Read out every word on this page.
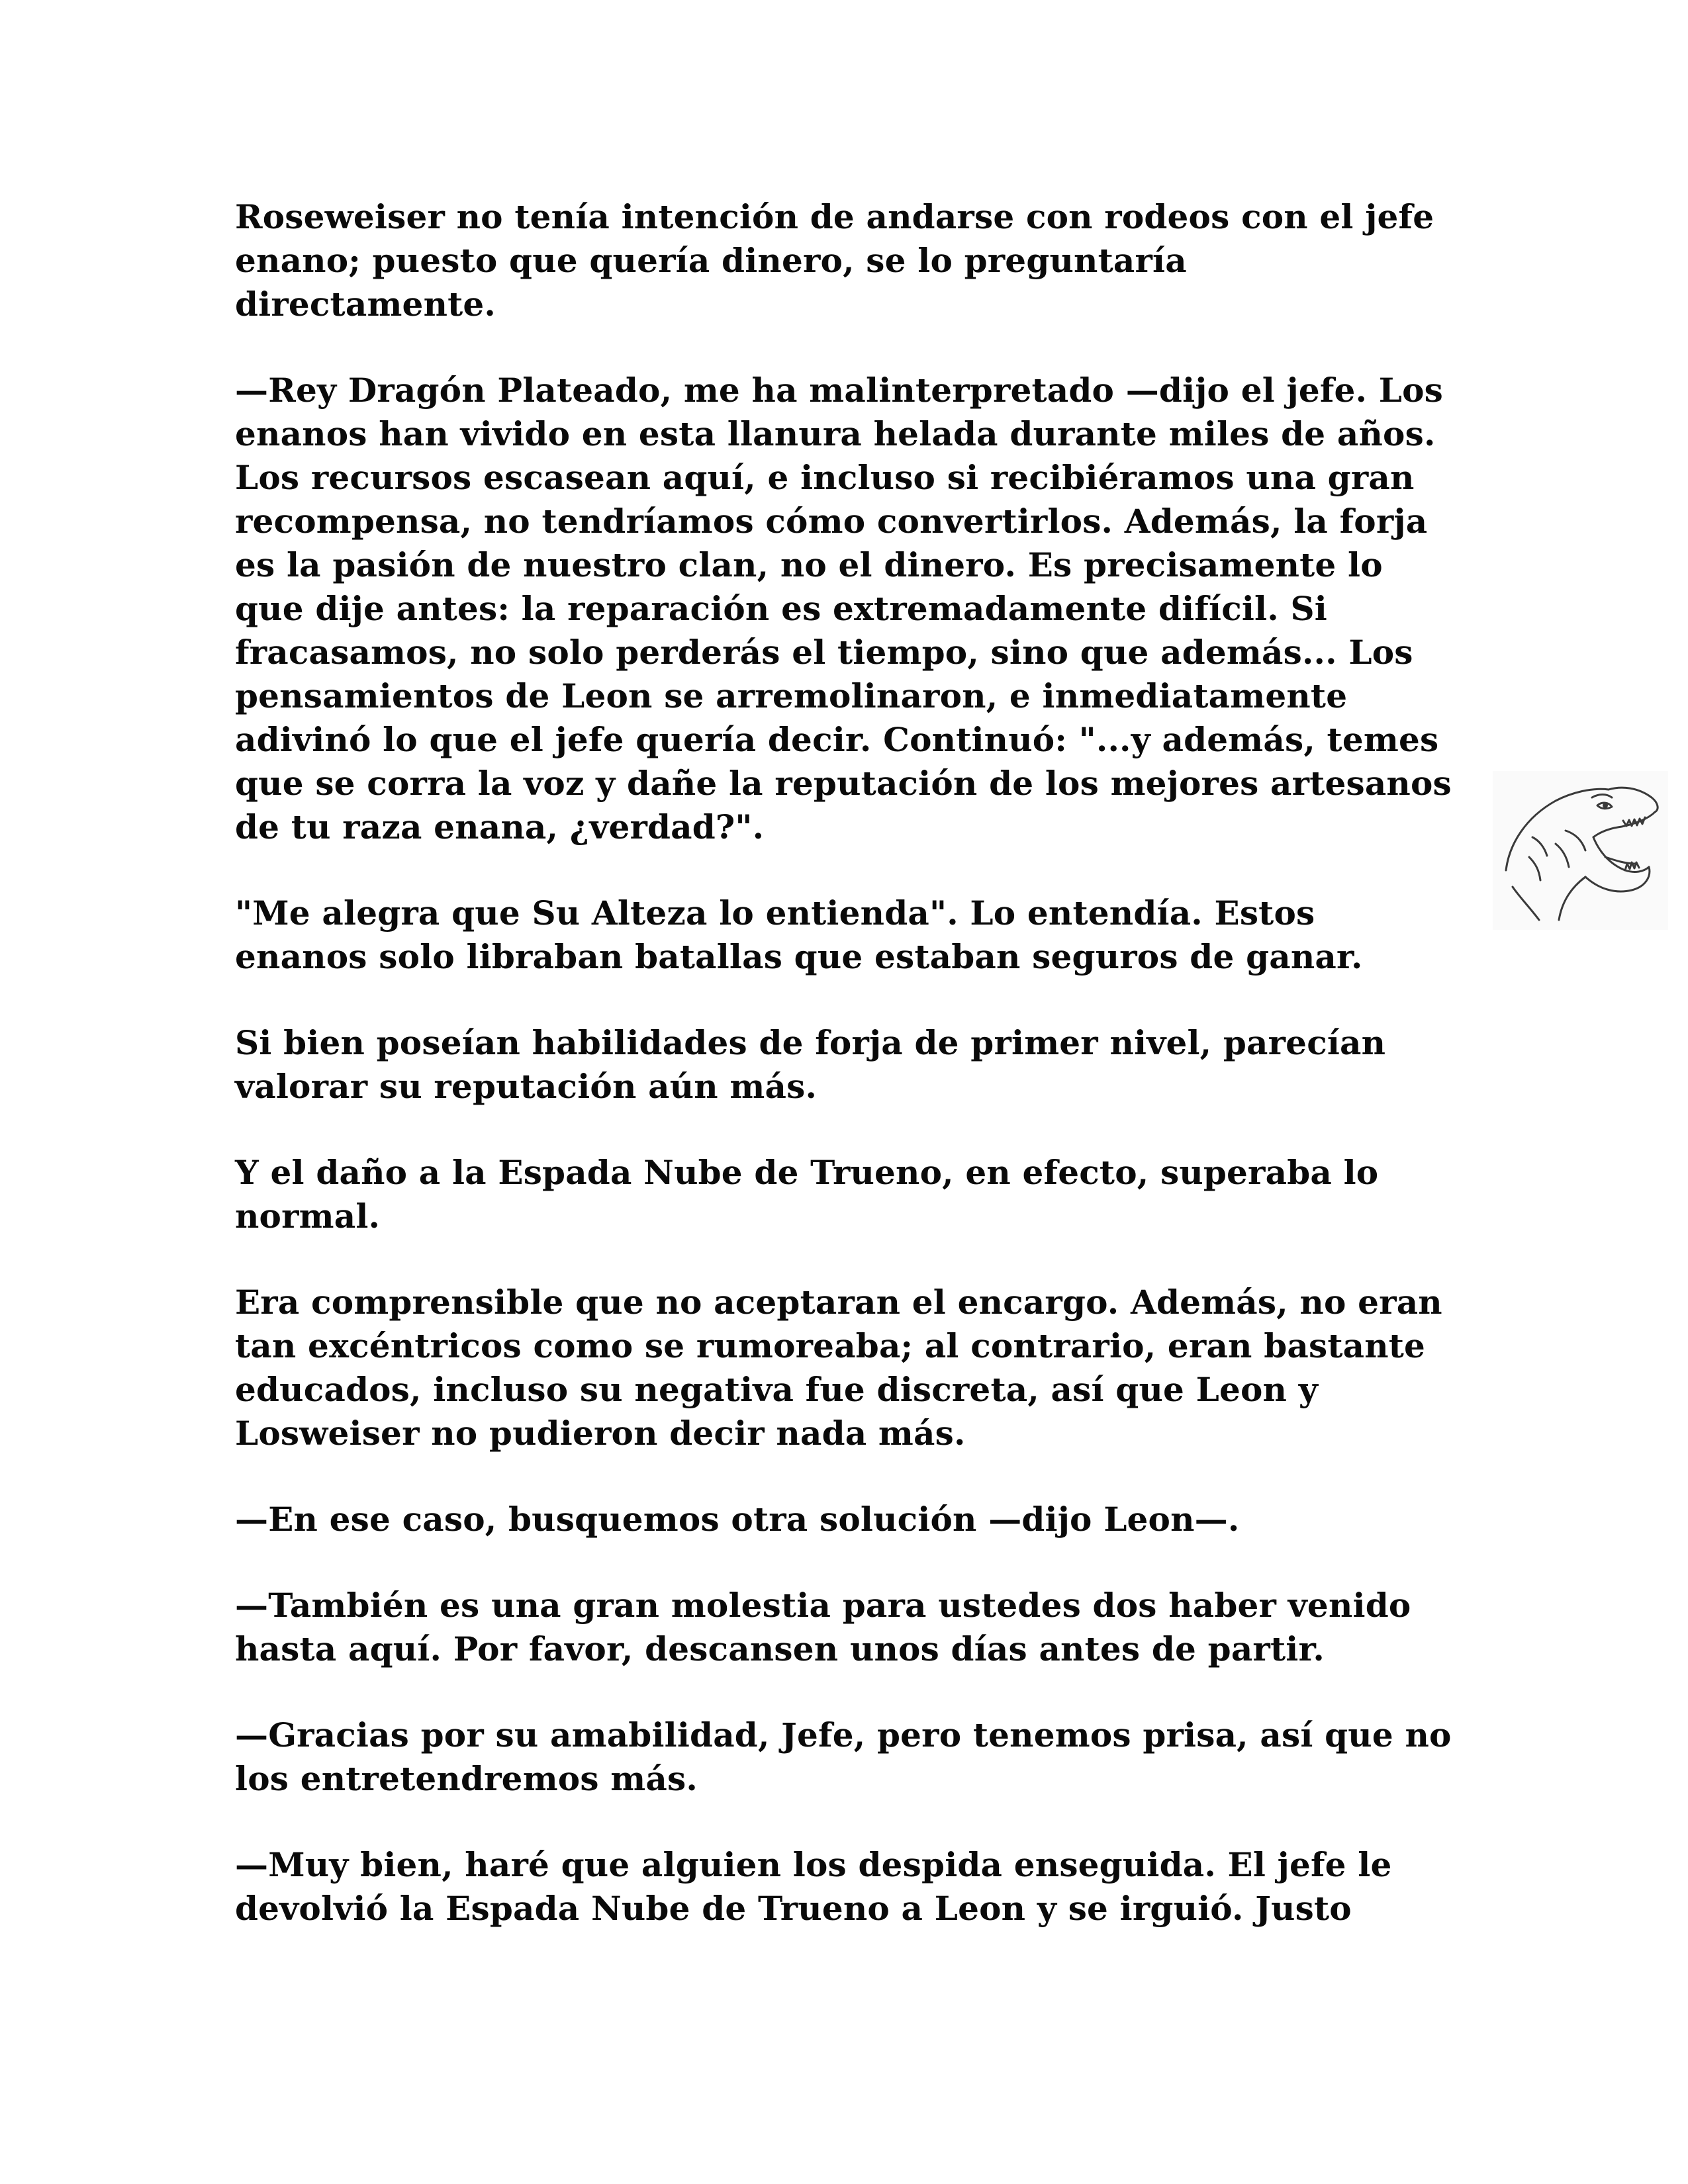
Roseweiser no tenía intención de andarse con rodeos con el jefe enano; puesto que quería dinero, se lo preguntaría directamente.

—Rey Dragón Plateado, me ha malinterpretado —dijo el jefe. Los enanos han vivido en esta llanura helada durante miles de años. Los recursos escasean aquí, e incluso si recibiéramos una gran recompensa, no tendríamos cómo convertirlos. Además, la forja es la pasión de nuestro clan, no el dinero. Es precisamente lo que dije antes: la reparación es extremadamente difícil. Si fracasamos, no solo perderás el tiempo, sino que además... Los pensamientos de Leon se arremolinaron, e inmediatamente adivinó lo que el jefe quería decir. Continuó: "...y además, temes que se corra la voz y dañe la reputación de los mejores artesanos de tu raza enana, ¿verdad?".

"Me alegra que Su Alteza lo entienda". Lo entendía. Estos enanos solo libraban batallas que estaban seguros de ganar.

Si bien poseían habilidades de forja de primer nivel, parecían valorar su reputación aún más.

Y el daño a la Espada Nube de Trueno, en efecto, superaba lo normal.

Era comprensible que no aceptaran el encargo. Además, no eran tan excéntricos como se rumoreaba; al contrario, eran bastante educados, incluso su negativa fue discreta, así que Leon y Losweiser no pudieron decir nada más.

—En ese caso, busquemos otra solución —dijo Leon—.

—También es una gran molestia para ustedes dos haber venido hasta aquí. Por favor, descansen unos días antes de partir.

—Gracias por su amabilidad, Jefe, pero tenemos prisa, así que no los entretendremos más.

—Muy bien, haré que alguien los despida enseguida. El jefe le devolvió la Espada Nube de Trueno a Leon y se irguió. Justo
